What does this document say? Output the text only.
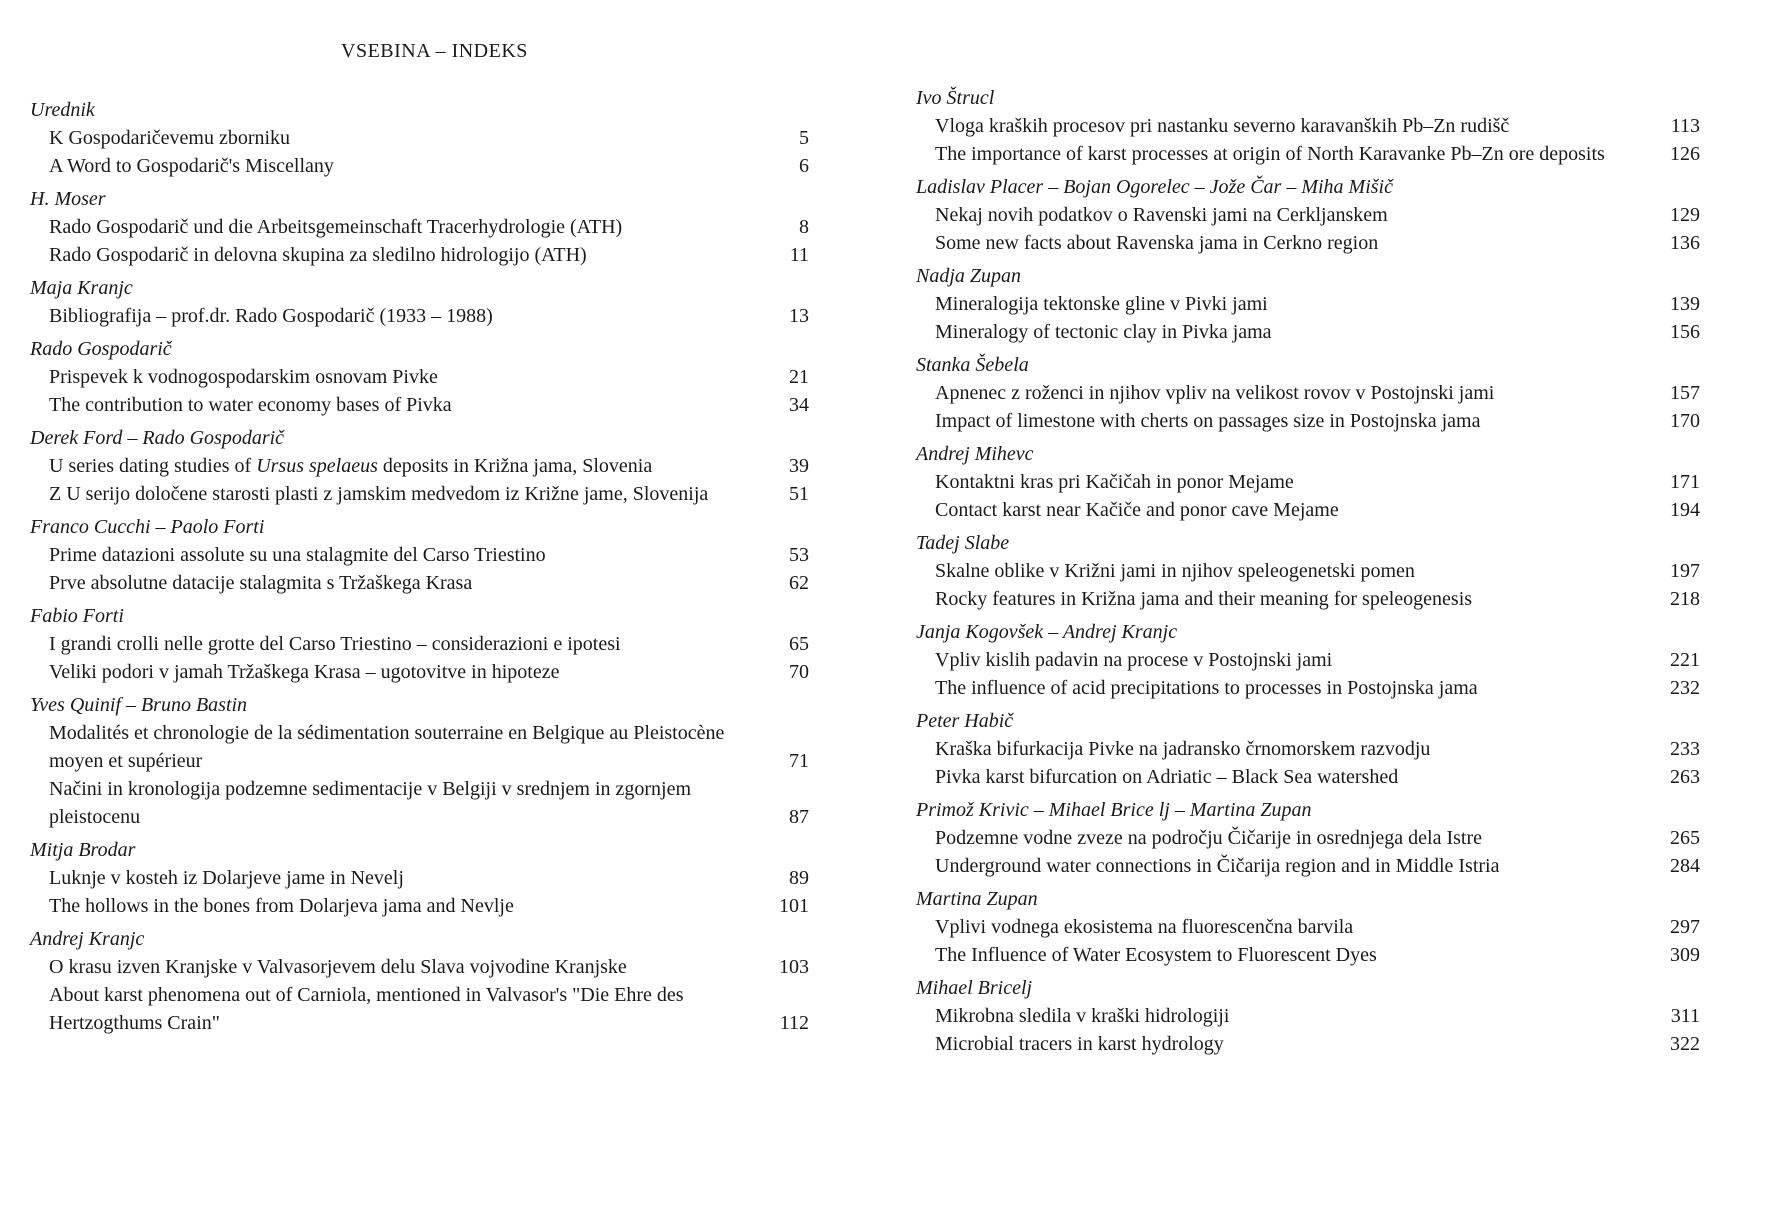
VSEBINA – INDEKS
Urednik
K Gospodaričevemu zborniku	5
A Word to Gospodarič's Miscellany	6
H. Moser
Rado Gospodarič und die Arbeitsgemeinschaft Tracerhydrologie (ATH)	8
Rado Gospodarič in delovna skupina za sledilno hidrologijo (ATH)	11
Maja Kranjc
Bibliografija – prof.dr. Rado Gospodarič (1933 – 1988)	13
Rado Gospodarič
Prispevek k vodnogospodarskim osnovam Pivke	21
The contribution to water economy bases of Pivka	34
Derek Ford – Rado Gospodarič
U series dating studies of Ursus spelaeus deposits in Križna jama, Slovenia	39
Z U serijo določene starosti plasti z jamskim medvedom iz Križne jame, Slovenija	51
Franco Cucchi – Paolo Forti
Prime datazioni assolute su una stalagmite del Carso Triestino	53
Prve absolutne datacije stalagmita s Tržaškega Krasa	62
Fabio Forti
I grandi crolli nelle grotte del Carso Triestino – considerazioni e ipotesi	65
Veliki podori v jamah Tržaškega Krasa – ugotovitve in hipoteze	70
Yves Quinif – Bruno Bastin
Modalités et chronologie de la sédimentation souterraine en Belgique au Pleistocène moyen et supérieur	71
Načini in kronologija podzemne sedimentacije v Belgiji v srednjem in zgornjem pleistocenu	87
Mitja Brodar
Luknje v kosteh iz Dolarjeve jame in Nevelj	89
The hollows in the bones from Dolarjeva jama and Nevlje	101
Andrej Kranjc
O krasu izven Kranjske v Valvasorjevem delu Slava vojvodine Kranjske	103
About karst phenomena out of Carniola, mentioned in Valvasor's "Die Ehre des Hertzogthums Crain"	112
Ivo Štrucl
Vloga kraških procesov pri nastanku severno karavanških Pb–Zn rudišč	113
The importance of karst processes at origin of North Karavanke Pb–Zn ore deposits	126
Ladislav Placer – Bojan Ogorelec – Jože Čar – Miha Mišič
Nekaj novih podatkov o Ravenski jami na Cerkljanskem	129
Some new facts about Ravenska jama in Cerkno region	136
Nadja Zupan
Mineralogija tektonske gline v Pivki jami	139
Mineralogy of tectonic clay in Pivka jama	156
Stanka Šebela
Apnenec z roženci in njihov vpliv na velikost rovov v Postojnski jami	157
Impact of limestone with cherts on passages size in Postojnska jama	170
Andrej Mihevc
Kontaktni kras pri Kačičah in ponor Mejame	171
Contact karst near Kačiče and ponor cave Mejame	194
Tadej Slabe
Skalne oblike v Križni jami in njihov speleogenetski pomen	197
Rocky features in Križna jama and their meaning for speleogenesis	218
Janja Kogovšek – Andrej Kranjc
Vpliv kislih padavin na procese v Postojnski jami	221
The influence of acid precipitations to processes in Postojnska jama	232
Peter Habič
Kraška bifurkacija Pivke na jadransko črnomorskem razvodju	233
Pivka karst bifurcation on Adriatic – Black Sea watershed	263
Primož Krivic – Mihael Brice lj – Martina Zupan
Podzemne vodne zveze na področju Čičarije in osrednjega dela Istre	265
Underground water connections in Čičarija region and in Middle Istria	284
Martina Zupan
Vplivi vodnega ekosistema na fluorescenčna barvila	297
The Influence of Water Ecosystem to Fluorescent Dyes	309
Mihael Bricelj
Mikrobna sledila v kraški hidrologiji	311
Microbial tracers in karst hydrology	322
